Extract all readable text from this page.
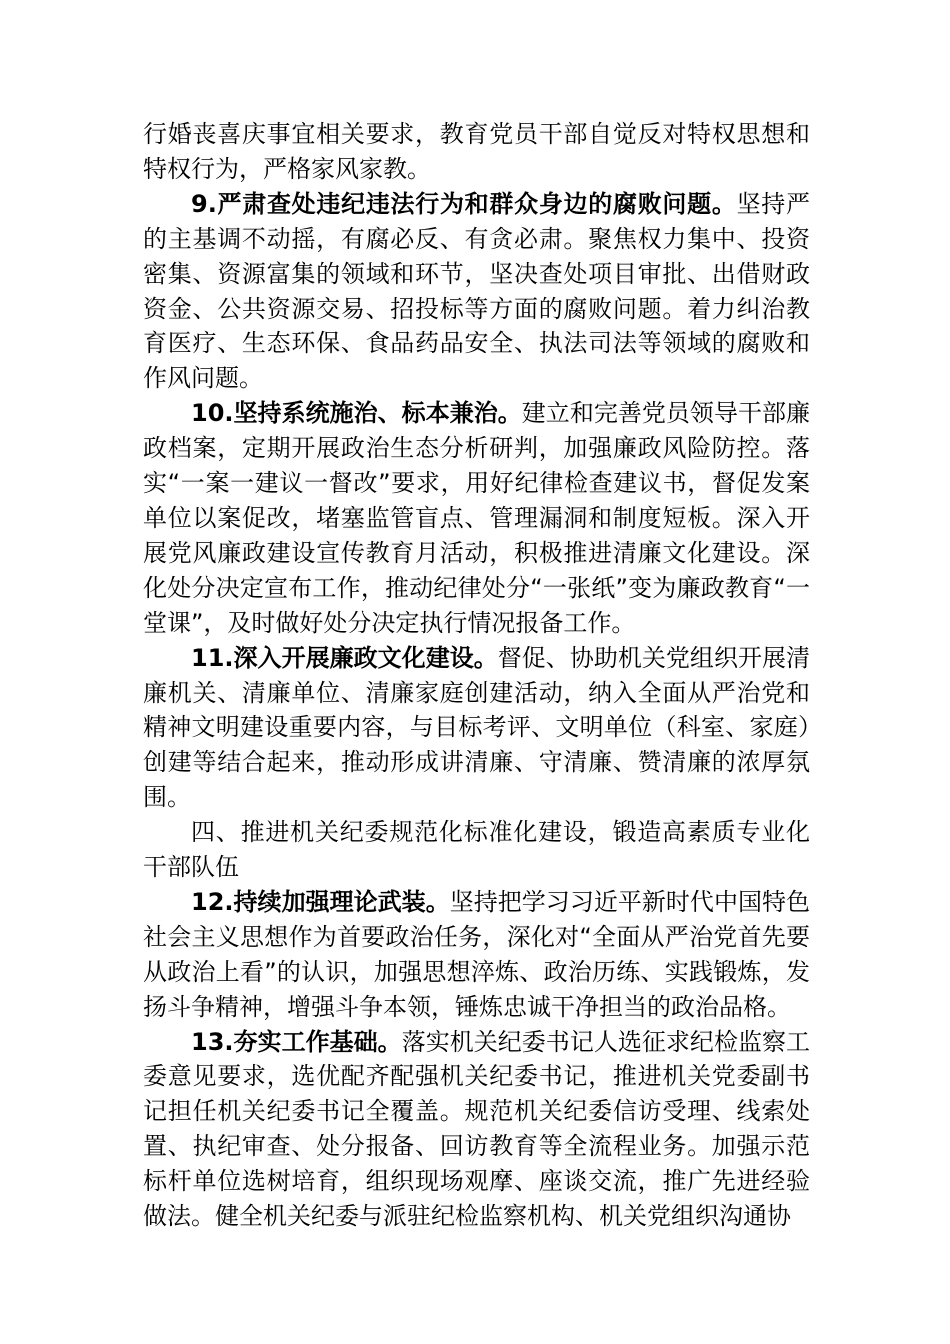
行婚丧喜庆事宜相关要求，教育党员干部自觉反对特权思想和特权行为，严格家风家教。

9.严肃查处违纪违法行为和群众身边的腐败问题。坚持严的主基调不动摇，有腐必反、有贪必肃。聚焦权力集中、投资密集、资源富集的领域和环节，坚决查处项目审批、出借财政资金、公共资源交易、招投标等方面的腐败问题。着力纠治教育医疗、生态环保、食品药品安全、执法司法等领域的腐败和作风问题。

10.坚持系统施治、标本兼治。建立和完善党员领导干部廉政档案，定期开展政治生态分析研判，加强廉政风险防控。落实“一案一建议一督改”要求，用好纪律检查建议书，督促发案单位以案促改，堵塞监管盲点、管理漏洞和制度短板。深入开展党风廉政建设宣传教育月活动，积极推进清廉文化建设。深化处分决定宣布工作，推动纪律处分“一张纸”变为廉政教育“一堂课”，及时做好处分决定执行情况报备工作。

11.深入开展廉政文化建设。督促、协助机关党组织开展清廉机关、清廉单位、清廉家庭创建活动，纳入全面从严治党和精神文明建设重要内容，与目标考评、文明单位（科室、家庭）创建等结合起来，推动形成讲清廉、守清廉、赞清廉的浓厚氛围。

四、推进机关纪委规范化标准化建设，锻造高素质专业化干部队伍

12.持续加强理论武装。坚持把学习习近平新时代中国特色社会主义思想作为首要政治任务，深化对“全面从严治党首先要从政治上看”的认识，加强思想淬炼、政治历练、实践锻炼，发扬斗争精神，增强斗争本领，锤炼忠诚干净担当的政治品格。

13.夯实工作基础。落实机关纪委书记人选征求纪检监察工委意见要求，选优配齐配强机关纪委书记，推进机关党委副书记担任机关纪委书记全覆盖。规范机关纪委信访受理、线索处置、执纪审查、处分报备、回访教育等全流程业务。加强示范标杆单位选树培育，组织现场观摩、座谈交流，推广先进经验做法。健全机关纪委与派驻纪检监察机构、机关党组织沟通协
